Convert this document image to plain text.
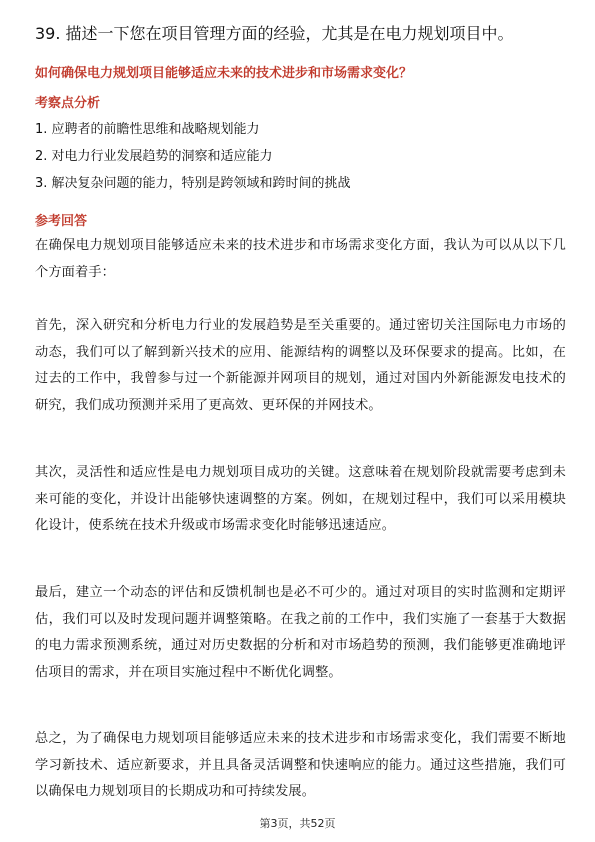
39. 描述一下您在项目管理方面的经验，尤其是在电力规划项目中。
如何确保电力规划项目能够适应未来的技术进步和市场需求变化？
考察点分析
1. 应聘者的前瞻性思维和战略规划能力
2. 对电力行业发展趋势的洞察和适应能力
3. 解决复杂问题的能力，特别是跨领域和跨时间的挑战
参考回答

在确保电力规划项目能够适应未来的技术进步和市场需求变化方面，我认为可以从以下几个方面着手：

首先，深入研究和分析电力行业的发展趋势是至关重要的。通过密切关注国际电力市场的动态，我们可以了解到新兴技术的应用、能源结构的调整以及环保要求的提高。比如，在过去的工作中，我曾参与过一个新能源并网项目的规划，通过对国内外新能源发电技术的研究，我们成功预测并采用了更高效、更环保的并网技术。

其次，灵活性和适应性是电力规划项目成功的关键。这意味着在规划阶段就需要考虑到未来可能的变化，并设计出能够快速调整的方案。例如，在规划过程中，我们可以采用模块化设计，使系统在技术升级或市场需求变化时能够迅速适应。

最后，建立一个动态的评估和反馈机制也是必不可少的。通过对项目的实时监测和定期评估，我们可以及时发现问题并调整策略。在我之前的工作中，我们实施了一套基于大数据的电力需求预测系统，通过对历史数据的分析和对市场趋势的预测，我们能够更准确地评估项目的需求，并在项目实施过程中不断优化调整。

总之，为了确保电力规划项目能够适应未来的技术进步和市场需求变化，我们需要不断地学习新技术、适应新要求，并且具备灵活调整和快速响应的能力。通过这些措施，我们可以确保电力规划项目的长期成功和可持续发展。

第3页，共52页
